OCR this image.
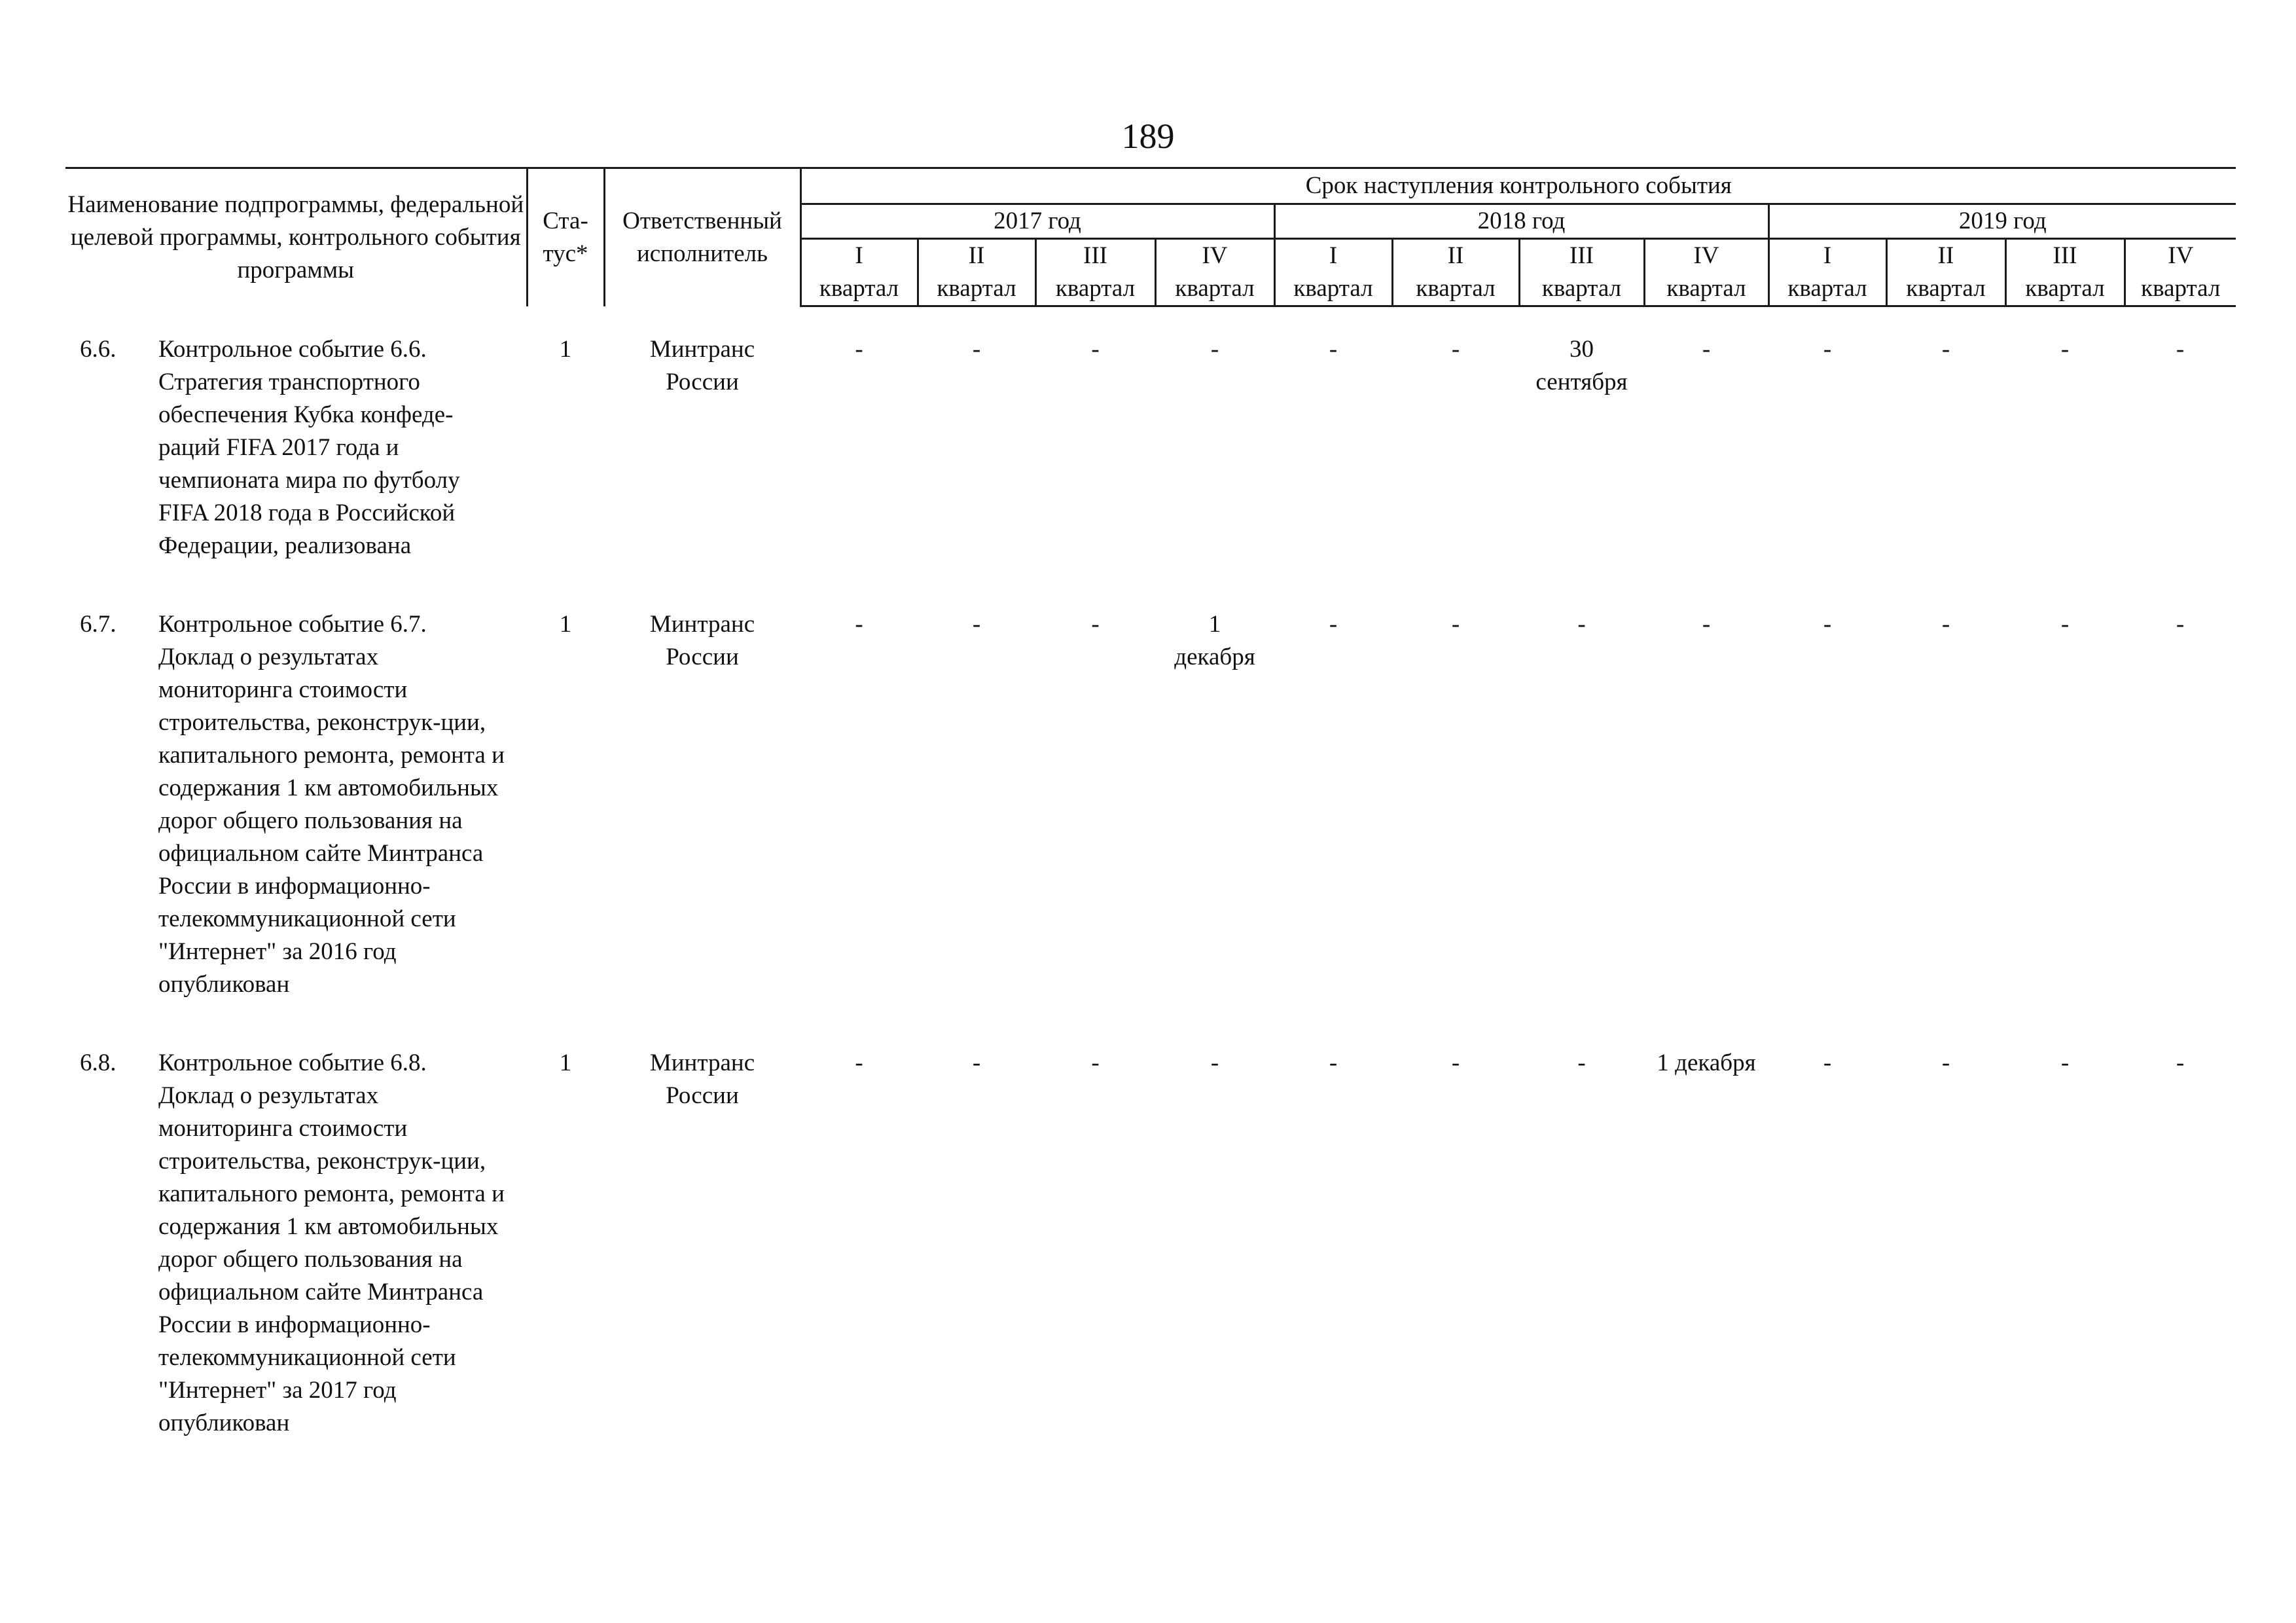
189
Наименование подпрограммы, федеральной целевой программы, контрольного события программы	Ста-тус*	Ответственный исполнитель	Срок наступления контрольного события											
			2017 год				2018 год				2019 год			

			I
квартал	II
квартал	III
квартал	IV
квартал	I
квартал	II
квартал	III
квартал	IV
квартал	I
квартал	II
квартал	III
квартал	IV
квартал

6.6. Контрольное событие 6.6. Стратегия транспортного обеспечения Кубка конфеде-раций FIFA 2017 года и чемпионата мира по футболу FIFA 2018 года в Российской Федерации, реализована	1	Минтранс России	-	-	-	-	-	-	30 сентября	-	-	-	-	-

6.7. Контрольное событие 6.7. Доклад о результатах мониторинга стоимости строительства, реконструк-ции, капитального ремонта, ремонта и содержания 1 км автомобильных дорог общего пользования на официальном сайте Минтранса России в информационно-телекоммуникационной сети "Интернет" за 2016 год опубликован	1	Минтранс России	-	-	-	1 декабря	-	-	-	-	-	-	-	-

6.8. Контрольное событие 6.8. Доклад о результатах мониторинга стоимости строительства, реконструк-ции, капитального ремонта, ремонта и содержания 1 км автомобильных дорог общего пользования на официальном сайте Минтранса России в информационно-телекоммуникационной сети "Интернет" за 2017 год опубликован	1	Минтранс России	-	-	-	-	-	-	-	1 декабря	-	-	-	-
